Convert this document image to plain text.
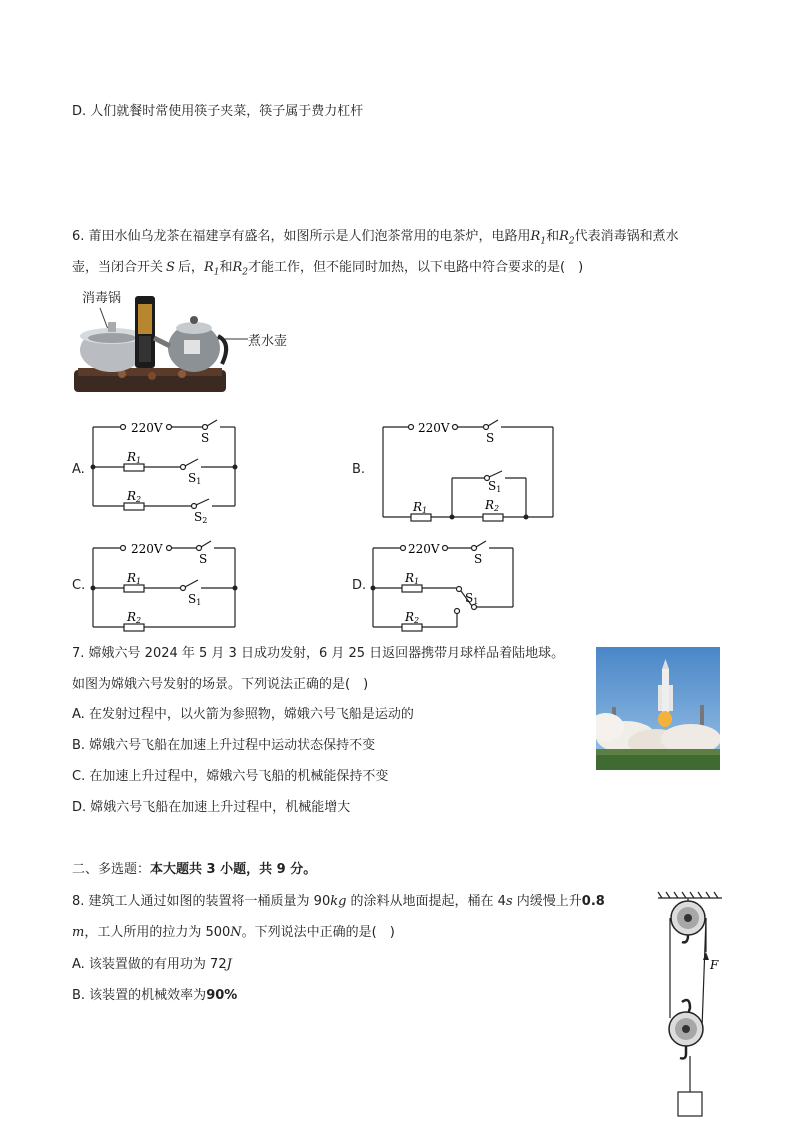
D. 人们就餐时常使用筷子夹菜，筷子属于费力杠杆
6. 莆田水仙乌龙茶在福建享有盛名，如图所示是人们泡茶常用的电茶炉，电路用$R_1$和$R_2$代表消毒锅和煮水
壶，当闭合开关 S 后，$R_1$和$R_2$才能工作，但不能同时加热，以下电路中符合要求的是(　)
消毒锅
煮水壶
A.
220V
S
R1
S1
R2
S2
B.
220V
S
S1
R1	R2
C.
220V
S
R1
S1
R2
D.
220V
S
R1
S1
R2
7. 嫦娥六号 2024 年 5 月 3 日成功发射，6 月 25 日返回器携带月球样品着陆地球。
如图为嫦娥六号发射的场景。下列说法正确的是(　)
A. 在发射过程中，以火箭为参照物，嫦娥六号飞船是运动的
B. 嫦娥六号飞船在加速上升过程中运动状态保持不变
C. 在加速上升过程中，嫦娥六号飞船的机械能保持不变
D. 嫦娥六号飞船在加速上升过程中，机械能增大
二、多选题：本大题共 3 小题，共 9 分。
8. 建筑工人通过如图的装置将一桶质量为 90kg 的涂料从地面提起，桶在 4s 内缓慢上升0.8
m，工人所用的拉力为 500N。下列说法中正确的是(　)
A. 该装置做的有用功为 72J
B. 该装置的机械效率为90%
F
